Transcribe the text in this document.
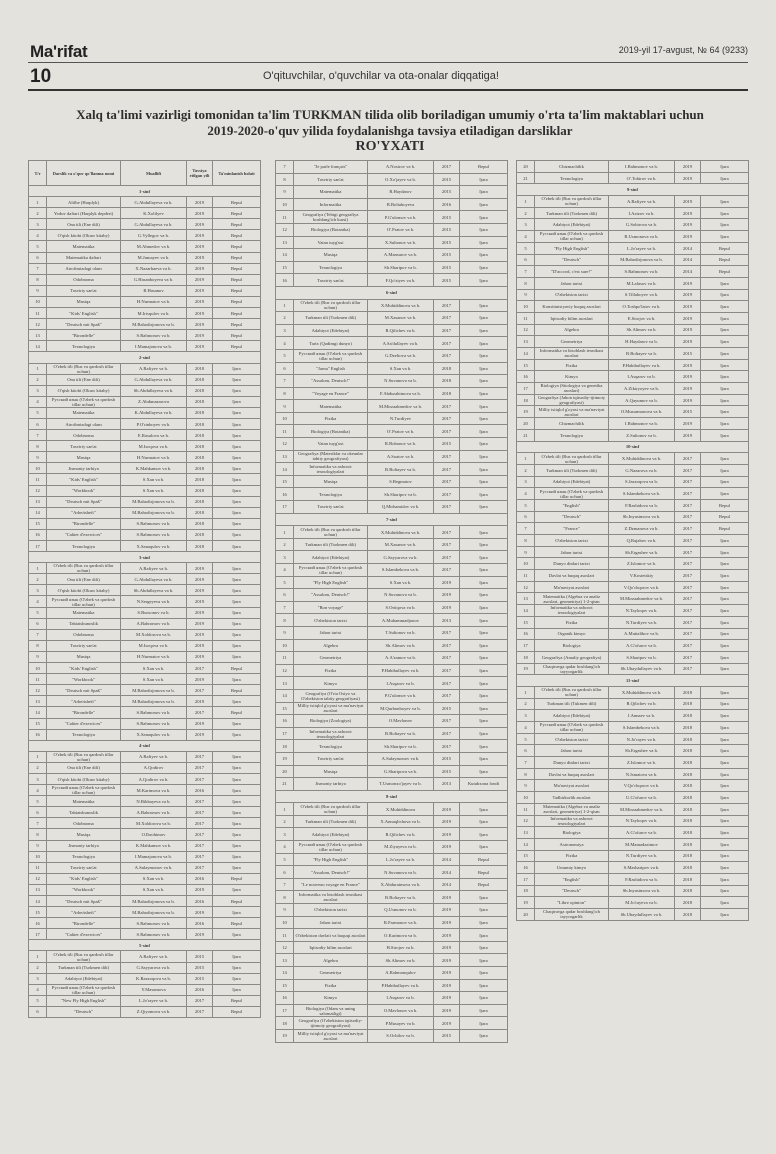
Ma'rifat	2019-yil 17-avgust, № 64 (9233)
10	O'qituvchilar, o'quvchilar va ota-onalar diqqatiga!
Xalq ta'limi vazirligi tomonidan ta'lim TURKMAN tilida olib boriladigan umumiy o'rta ta'lim maktablari uchun
2019-2020-o'quv yilida foydalanishga tavsiya etiladigan darsliklar
RO'YXATI
T/r	Darslik va o'quv qo'llanma nomi	Muallifi	Tavsiya etilgan yili	Ta'minlanish holati
1-sinf				
1	Alifbe (Harplyk)	G.Abdullayeva va b.	2019	Bepul
2	Yoduv daftari (Harplyk depderi)	K.Xolilyev	2019	Bepul
3	Ona tili (Ene dili)	G.Abdullayeva va b.	2019	Bepul
4	O'qish kitobi (Okuw kitaby)	G.Vyllegov va b.	2019	Bepul
5	Matematika	M.Ahmedov va b.	2019	Bepul
6	Matematika daftari	M.Jumayev va b.	2019	Bepul
7	Atrofimizdagi olam	X.Nazarbaeva va b.	2019	Bepul
8	Odobnoma	G.Hasanboyeva va b.	2019	Bepul
9	Tasviriy san'at	R.Hasanov	2019	Bepul
10	Musiqa	H.Nurmatov va b.	2019	Bepul
11	"Kids' English"	M.Irisqulov va b.	2019	Bepul
12	"Deutsch mit Spaß"	M.Bahodirjonova va b.	2019	Bepul
13	"Birondelle"	S.Rahmonov va b.	2019	Bepul
14	Texnologiya	I.Mamajonova va b.	2019	Bepul
2-sinf				
1	O'zbek tili (Rus va qardosh tillar uchun)	A.Rafiyev va b.	2018	Ijara
2	Ona tili (Ene dili)	G.Abdullayeva va b.	2018	Ijara
3	O'qish kitobi (Okuw kitaby)	Sh.Abdullayeva va b.	2018	Ijara
4	Pyccкий язык (O'zbek va qardosh tillar uchun)	Z.Abdunazarova	2018	Ijara
5	Matematika	K.Abdullayeva va b.	2018	Ijara
6	Atrofimizdagi olam	P.O'rinboyev va b.	2018	Ijara
7	Odobnoma	E.Rasulova va b.	2018	Ijara
8	Tasviriy san'at	M.Isoqova va b.	2018	Ijara
9	Musiqa	H.Nurmatov va b.	2018	Ijara
10	Jismoniy tarbiya	K.Mahkamov va b.	2018	Ijara
11	"Kids' English"	S.Xan va b.	2018	Ijara
12	"Workbook"	S.Xan va b.	2018	Ijara
13	"Deutsch mit Spaß"	M.Bahodirjonova va b.	2018	Ijara
14	"Arbeitsheft"	M.Bahodirjonova va b.	2018	Ijara
15	"Birondelle"	S.Rahmonov va b.	2018	Ijara
16	"Cahier d'exercices"	S.Rahmonov va b.	2018	Ijara
17	Texnologiya	X.Sanaqulov va b.	2018	Ijara
3-sinf				
1	O'zbek tili (Rus va qardosh tillar uchun)	A.Rafiyev va b.	2019	Ijara
2	Ona tili (Ene dili)	G.Abdullayeva va b.	2019	Ijara
3	O'qish kitobi (Okuw kitaby)	Sh.Abdullayeva va b.	2019	Ijara
4	Pyccкий язык (O'zbek va qardosh tillar uchun)	N.Sergeyeva va b.	2019	Ijara
5	Matematika	S.Burxonov va b.	2019	Ijara
6	Tabiatshunoslik	A.Bahromov va b.	2019	Ijara
7	Odobnoma	M.Xoldorova va b.	2019	Ijara
8	Tasviriy san'at	M.Isoqova va b.	2019	Ijara
9	Musiqa	H.Nurmatov va b.	2019	Ijara
10	"Kids' English"	S.Xan va b.	2017	Bepul
11	"Workbook"	S.Xan va b.	2019	Ijara
12	"Deutsch mit Spaß"	M.Bahodirjonova va b.	2017	Bepul
13	"Arbeitsheft"	M.Bahodirjonova va b.	2019	Ijara
14	"Birondelle"	S.Rahmonov va b.	2017	Bepul
15	"Cahier d'exercices"	S.Rahmonov va b.	2019	Ijara
16	Texnologiya	X.Sanaqulov va b.	2019	Ijara
4-sinf				
1	O'zbek tili (Rus va qardosh tillar uchun)	A.Rafiyev va b.	2017	Ijara
2	Ona tili (Ene dili)	A.Qodirov	2017	Ijara
3	O'qish kitobi (Okuw kitaby)	A.Qodirov va b.	2017	Ijara
4	Pyccкий язык (O'zbek va qardosh tillar uchun)	M.Karimova va b.	2016	Ijara
5	Matematika	N.Bikbayeva va b.	2017	Ijara
6	Tabiatshunoslik	A.Bahromov va b.	2017	Ijara
7	Odobnoma	M.Xoldorova va b.	2017	Ijara
8	Musiqa	O.Ibrohimov	2017	Ijara
9	Jismoniy tarbiya	K.Mahkamov va b.	2017	Ijara
10	Texnologiya	I.Mamajonova va b.	2017	Ijara
11	Tasviriy san'at	A.Sulaymonov va b.	2017	Ijara
12	"Kids' English"	S.Xan va b.	2016	Bepul
13	"Workbook"	S.Xan va b.	2019	Ijara
14	"Deutsch mit Spaß"	M.Bahodirjonova va b.	2016	Bepul
15	"Arbeitsheft"	M.Bahodirjonova va b.	2019	Ijara
16	"Birondelle"	S.Rahmonov va b.	2016	Bepul
17	"Cahier d'exercices"	S.Rahmonov va b.	2019	Ijara
5-sinf				
1	O'zbek tili (Rus va qardosh tillar uchun)	A.Rafiyev va b.	2015	Ijara
2	Turkman tili (Turkmen dili)	G.Sayyarova va b.	2015	Ijara
3	Adabiyot (Edebiyat)	K.Razzoqova va b.	2015	Ijara
4	Pyccкий язык (O'zbek va qardosh tillar uchun)	Y.Masumova	2016	Ijara
5	"New Fly High English"	L.Jo'rayev va b.	2017	Bepul
6	"Deutsch"	Z.Qiyomova va b.	2017	Bepul
7	"Je parle français"	A.Nosirov va b.	2017	Bepul
8	Tasviriy san'at	O.Xo'jayev va b.	2015	Ijara
9	Matematika	R.Haydarov	2015	Ijara
10	Informatika	B.Boltaboyeva	2016	Ijara
11	Geografiya (Tebigi geografiya boshlang'ich kursi)	P.G'ulomov va b.	2015	Ijara
12	Biologiya (Botanika)	O'.Pratov va b.	2015	Ijara
13	Vatan tuyg'usi	X.Sultonov va b.	2015	Ijara
14	Musiqa	A.Mansurov va b.	2015	Ijara
15	Texnologiya	Sh.Sharipov va b.	2015	Ijara
16	Tasviriy san'at	F.Qo'ziyev va b.	2015	Ijara
6-sinf				
1	O'zbek tili (Rus va qardosh tillar uchun)	X.Muhiddinova va b.	2017	Ijara
2	Turkman tili (Turkmen dili)	M.Xasanov va b.	2017	Ijara
3	Adabiyot (Edebiyat)	R.Qilichev va b.	2017	Ijara
4	Tarix (Qadimgi dunyo)	A.Sa'dullayev va b.	2017	Ijara
5	Pyccкий язык (O'zbek va qardosh tillar uchun)	G.Dzeltova va b.	2017	Ijara
6	"Jarna" English	S.Xan va b.	2018	Ijara
7	"Assalom, Deutsch!"	N.Suvanova va b.	2018	Ijara
8	"Voyage en France"	F.Abdurahimova va b.	2018	Ijara
9	Matematika	M.Mirzaahmedov va b.	2017	Ijara
10	Fizika	N.Turdiyev	2017	Ijara
11	Biologiya (Botanika)	O'.Pratov va b.	2017	Ijara
12	Vatan tuyg'usi	R.Bobonov va b.	2015	Ijara
13	Geografiya (Materiklar va okeanlar tabiiy geografiyasi)	A.Soatov va b.	2017	Ijara
14	Informatika va axborot texnologiyalari	B.Boltayev va b.	2017	Ijara
15	Musiqa	S.Begmatov	2017	Ijara
16	Texnologiya	Sh.Sharipov va b.	2017	Ijara
17	Tasviriy san'at	Q.Mirhamidov va b.	2017	Ijara
7-sinf				
1	O'zbek tili (Rus va qardosh tillar uchun)	X.Muhiddinova va b.	2017	Ijara
2	Turkman tili (Turkmen dili)	M.Xasanov va b.	2017	Ijara
3	Adabiyot (Edebiyat)	G.Sayyarova va b.	2017	Ijara
4	Pyccкий язык (O'zbek va qardosh tillar uchun)	S.Islambekova va b.	2017	Ijara
5	"Fly High English"	S.Xan va b.	2019	Ijara
6	"Assalom, Deutsch!"	N.Suvanova va b.	2019	Ijara
7	"Bon voyage"	S.Ortiqova va b.	2019	Ijara
8	O'zbekiston tarixi	A.Muhammadjonov	2013	Ijara
9	Jahon tarixi	T.Sultonov va b.	2017	Ijara
10	Algebra	Sh.Alimov va b.	2017	Ijara
11	Geometriya	A.A'zamov va b.	2017	Ijara
12	Fizika	P.Habibullayev va b.	2017	Ijara
13	Kimyo	I.Asqarov va b.	2017	Ijara
14	Geografiya (O'rta Osiyo va O'zbekiston tabiiy geografiyasi)	P.G'ulomov va b.	2017	Ijara
15	Milliy istiqlol g'oyasi va ma'naviyat asoslari	M.Qurbonboyev va b.	2015	Ijara
16	Biologiya (Zoologiya)	O.Mavlonov	2017	Ijara
17	Informatika va axborot texnologiyalari	B.Boltayev va b.	2017	Ijara
18	Texnologiya	Sh.Sharipov va b.	2017	Ijara
19	Tasviriy san'at	A.Sulaymonov va b.	2015	Ijara
20	Musiqa	G.Sharipova va b.	2015	Ijara
21	Jismoniy tarbiya	T.Usmonxo'jayev va b.	2013	Kutubxona fondi
8-sinf				
1	O'zbek tili (Rus va qardosh tillar uchun)	X.Muhiddinova	2019	Ijara
2	Turkman tili (Turkmen dili)	X.Annaqlichova va b.	2019	Ijara
3	Adabiyot (Edebiyat)	R.Qilichev va b.	2019	Ijara
4	Pyccкий язык (O'zbek va qardosh tillar uchun)	M.Ziyayeva va b.	2019	Ijara
5	"Fly High English"	L.Jo'rayev va b.	2014	Bepul
6	"Assalom, Deutsch!"	N.Suvanova va b.	2014	Bepul
7	"Le nouveau voyage en France"	X.Abduraimova va b.	2014	Bepul
8	Informatika va hisoblash texnikasi asoslari	B.Boltayev va b.	2019	Ijara
9	O'zbekiston tarixi	Q.Usmonov va b.	2019	Ijara
10	Jahon tarixi	R.Farmonov va b.	2019	Ijara
11	O'zbekiston davlati va huquqi asoslari	O.Karimova va b.	2019	Ijara
12	Iqtisodiy bilim asoslari	H.Sirojov va b.	2019	Ijara
13	Algebra	Sh.Alimov va b.	2019	Ijara
14	Geometriya	A.Rahmonqulov	2019	Ijara
15	Fizika	P.Habibullayev va b.	2019	Ijara
16	Kimyo	I.Asqarov va b.	2019	Ijara
17	Biologiya (Odam va uning salomatligi)	O.Mavlonov va b.	2019	Ijara
18	Geografiya (O'zbekiston iqtisodiy-ijtimoiy geografiyasi)	P.Musayev va b.	2019	Ijara
19	Milliy istiqlol g'oyasi va ma'naviyat asoslari	S.Ochilov va b.	2015	Ijara
20	Chizmachilik	I.Rahmonov va b.	2019	Ijara
21	Texnologiya	O'.Tohirov va b.	2019	Ijara
9-sinf				
1	O'zbek tili (Rus va qardosh tillar uchun)	A.Rafiyev va b.	2019	Ijara
2	Turkman tili (Turkmen dili)	I.Azizov va b.	2019	Ijara
3	Adabiyot (Edebiyat)	G.Sobirova va b.	2019	Ijara
4	Pyccкий язык (O'zbek va qardosh tillar uchun)	R.Usmonova va b.	2019	Ijara
5	"Fly High English"	L.Jo'rayev va b.	2014	Bepul
6	"Deutsch"	M.Bahodirjonova va b.	2014	Bepul
7	"D'accord, c'est sure!"	S.Rahmonov va b.	2014	Bepul
8	Jahon tarixi	M.Lafasov va b.	2019	Ijara
9	O'zbekiston tarixi	S.Tillaboyev va b.	2019	Ijara
10	Konstitutsiyaviy huquq asoslari	O.Toshpo'latov va b.	2019	Ijara
11	Iqtisodiy bilim asoslari	E.Sirojov va b.	2019	Ijara
12	Algebra	Sh.Alimov va b.	2019	Ijara
13	Geometriya	H.Haydarov va b.	2019	Ijara
14	Informatika va hisoblash texnikasi asoslari	B.Boltayev va b.	2015	Ijara
15	Fizika	P.Habibullayev va b.	2019	Ijara
16	Kimyo	I.Asqarov va b.	2019	Ijara
17	Biologiya (Sitologiya va genetika asoslari)	A.Zikiryoyev va b.	2019	Ijara
18	Geografiya (Jahon iqtisodiy-ijtimoiy geografiyasi)	A.Qayumov va b.	2019	Ijara
19	Milliy istiqlol g'oyasi va ma'naviyat asoslari	O.Musurmonova va b.	2015	Ijara
20	Chizmachilik	I.Rahmonov va b.	2019	Ijara
21	Texnologiya	Z.Sultonov va b.	2019	Ijara
10-sinf				
1	O'zbek tili (Rus va qardosh tillar uchun)	X.Muhiddinova va b.	2017	Ijara
2	Turkman tili (Turkmen dili)	G.Nazarova va b.	2017	Ijara
3	Adabiyot (Edebiyat)	S.Jazzoqova va b.	2017	Ijara
4	Pyccкий язык (O'zbek va qardosh tillar uchun)	S.Islambekova va b.	2017	Ijara
5	"English"	F.Rashidova va b.	2017	Bepul
6	"Deutsch"	Sh.Inyasimova va b.	2017	Bepul
7	"France"	Z.Dzmanova va b.	2017	Bepul
8	O'zbekiston tarixi	Q.Rajabov va b.	2017	Ijara
9	Jahon tarixi	Sh.Ergashev va b.	2017	Ijara
10	Dunyo dinlari tarixi	Z.Islomov va b.	2017	Ijara
11	Davlat va huquq asoslari	V.Kostetskiy	2017	Ijara
12	Ma'naviyat asoslari	V.Qo'chqorov va b.	2017	Ijara
13	Matematika (Algebra va analiz asoslari, geometriya) 1-2-qism	M.Mirzaahmedov va b.	2017	Ijara
14	Informatika va axborot texnologiyalari	N.Tayloqov va b.	2017	Ijara
15	Fizika	N.Turdiyev va b.	2017	Ijara
16	Organik kimyo	A.Muttalibov va b.	2017	Ijara
17	Biologiya	A.G'ofurov va b.	2017	Ijara
18	Geografiya (Amaliy geografiya)	S.Sharipov va b.	2017	Ijara
19	Chaqiruvga qadar boshlang'ich tayyorgarlik	Sh.Ubaydullayev va b.	2017	Ijara
11-sinf				
1	O'zbek tili (Rus va qardosh tillar uchun)	X.Muhiddinova va b.	2018	Ijara
2	Turkman tili (Tukmen dili)	R.Qilichev va b.	2018	Ijara
3	Adabiyot (Edebiyat)	I.Annaev va b.	2018	Ijara
4	Pyccкий язык (O'zbek va qardosh tillar uchun)	S.Islambekova va b.	2018	Ijara
5	O'zbekiston tarixi	N.Jo'rayev va b.	2018	Ijara
6	Jahon tarixi	Sh.Ergashev va b.	2018	Ijara
7	Dunyo dinlari tarixi	Z.Islomov va b.	2018	Ijara
8	Davlat va huquq asoslari	N.Ismatova va b.	2018	Ijara
9	Ma'naviyat asoslari	V.Qo'chqorov va b.	2018	Ijara
10	Tadbirkorlik asoslari	U.G'ofurov va b.	2018	Ijara
11	Matematika (Algebra va analiz asoslari, geometriya) 1-2-qism	M.Mirzaahmedov va b.	2018	Ijara
12	Informatika va axborot texnologiyalari	N.Tayloqov va b.	2018	Ijara
13	Biologiya	A.G'ofurov va b.	2018	Ijara
14	Astronomiya	M.Mamadazimov	2018	Ijara
15	Fizika	N.Turdiyev va b.	2018	Ijara
16	Umumiy kimyo	S.Masharipov va b.	2018	Ijara
17	"English"	F.Rashidova va b.	2018	Ijara
18	"Deutsch"	Sh.Inyasimova va b.	2018	Ijara
19	"Libre opinion"	M.Jo'rayeva va b.	2018	Ijara
20	Chaqiruvga qadar boshlang'ich tayyorgarlik	Sh.Ubaydullayev va b.	2018	Ijara
